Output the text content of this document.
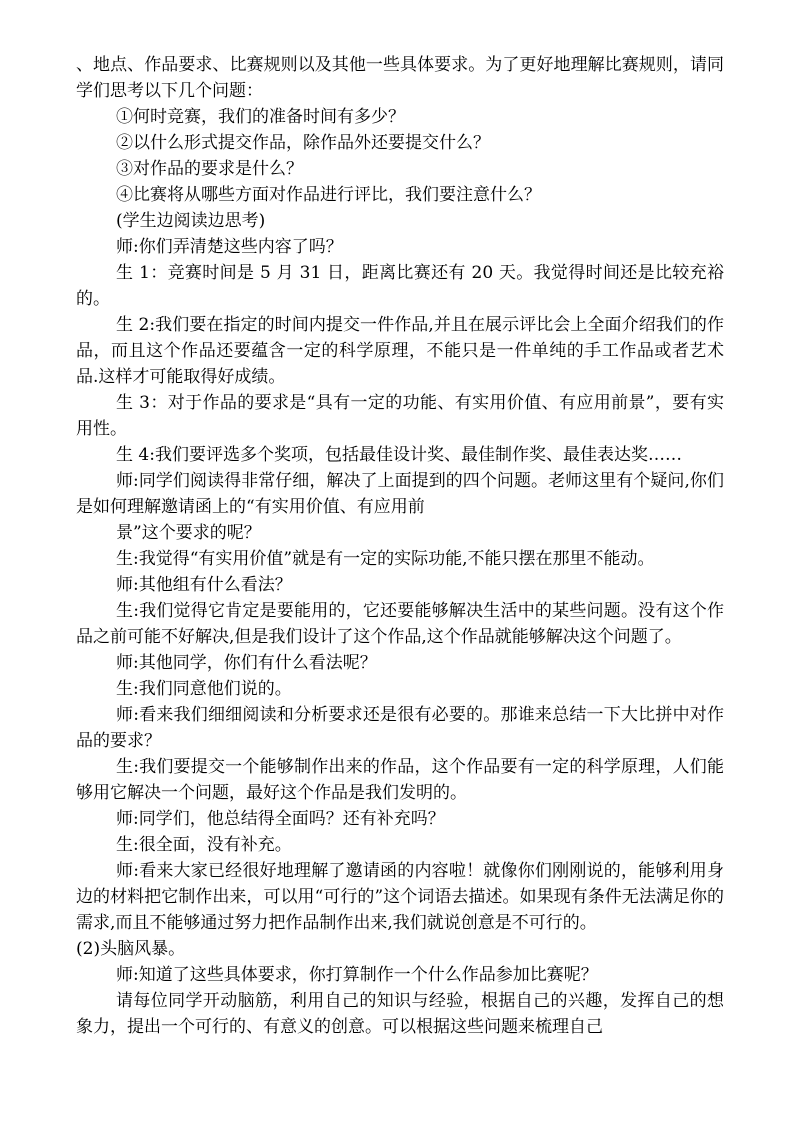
、地点、作品要求、比赛规则以及其他一些具体要求。为了更好地理解比赛规则，请同学们思考以下几个问题：

①何时竞赛，我们的准备时间有多少？

②以什么形式提交作品，除作品外还要提交什么？

③对作品的要求是什么？

④比赛将从哪些方面对作品进行评比，我们要注意什么？

(学生边阅读边思考)

师:你们弄清楚这些内容了吗？

生 1：竞赛时间是 5 月 31 日，距离比赛还有 20 天。我觉得时间还是比较充裕的。

生 2:我们要在指定的时间内提交一件作品,并且在展示评比会上全面介绍我们的作品，而且这个作品还要蕴含一定的科学原理，不能只是一件单纯的手工作品或者艺术品.这样才可能取得好成绩。

生 3：对于作品的要求是“具有一定的功能、有实用价值、有应用前景”，要有实用性。

生 4:我们要评选多个奖项，包括最佳设计奖、最佳制作奖、最佳表达奖……

师:同学们阅读得非常仔细，解决了上面提到的四个问题。老师这里有个疑问,你们是如何理解邀请函上的“有实用价值、有应用前

景”这个要求的呢？

生:我觉得“有实用价值”就是有一定的实际功能,不能只摆在那里不能动。

师:其他组有什么看法？

生:我们觉得它肯定是要能用的，它还要能够解决生活中的某些问题。没有这个作品之前可能不好解决,但是我们设计了这个作品,这个作品就能够解决这个问题了。

师:其他同学，你们有什么看法呢？

生:我们同意他们说的。

师:看来我们细细阅读和分析要求还是很有必要的。那谁来总结一下大比拼中对作品的要求？

生:我们要提交一个能够制作出来的作品，这个作品要有一定的科学原理，人们能够用它解决一个问题，最好这个作品是我们发明的。

师:同学们，他总结得全面吗？还有补充吗？

生:很全面，没有补充。

师:看来大家已经很好地理解了邀请函的内容啦！就像你们刚刚说的，能够利用身边的材料把它制作出来，可以用“可行的”这个词语去描述。如果现有条件无法满足你的需求,而且不能够通过努力把作品制作出来,我们就说创意是不可行的。

(2)头脑风暴。

师:知道了这些具体要求，你打算制作一个什么作品参加比赛呢？

请每位同学开动脑筋，利用自己的知识与经验，根据自己的兴趣，发挥自己的想象力，提出一个可行的、有意义的创意。可以根据这些问题来梳理自己
